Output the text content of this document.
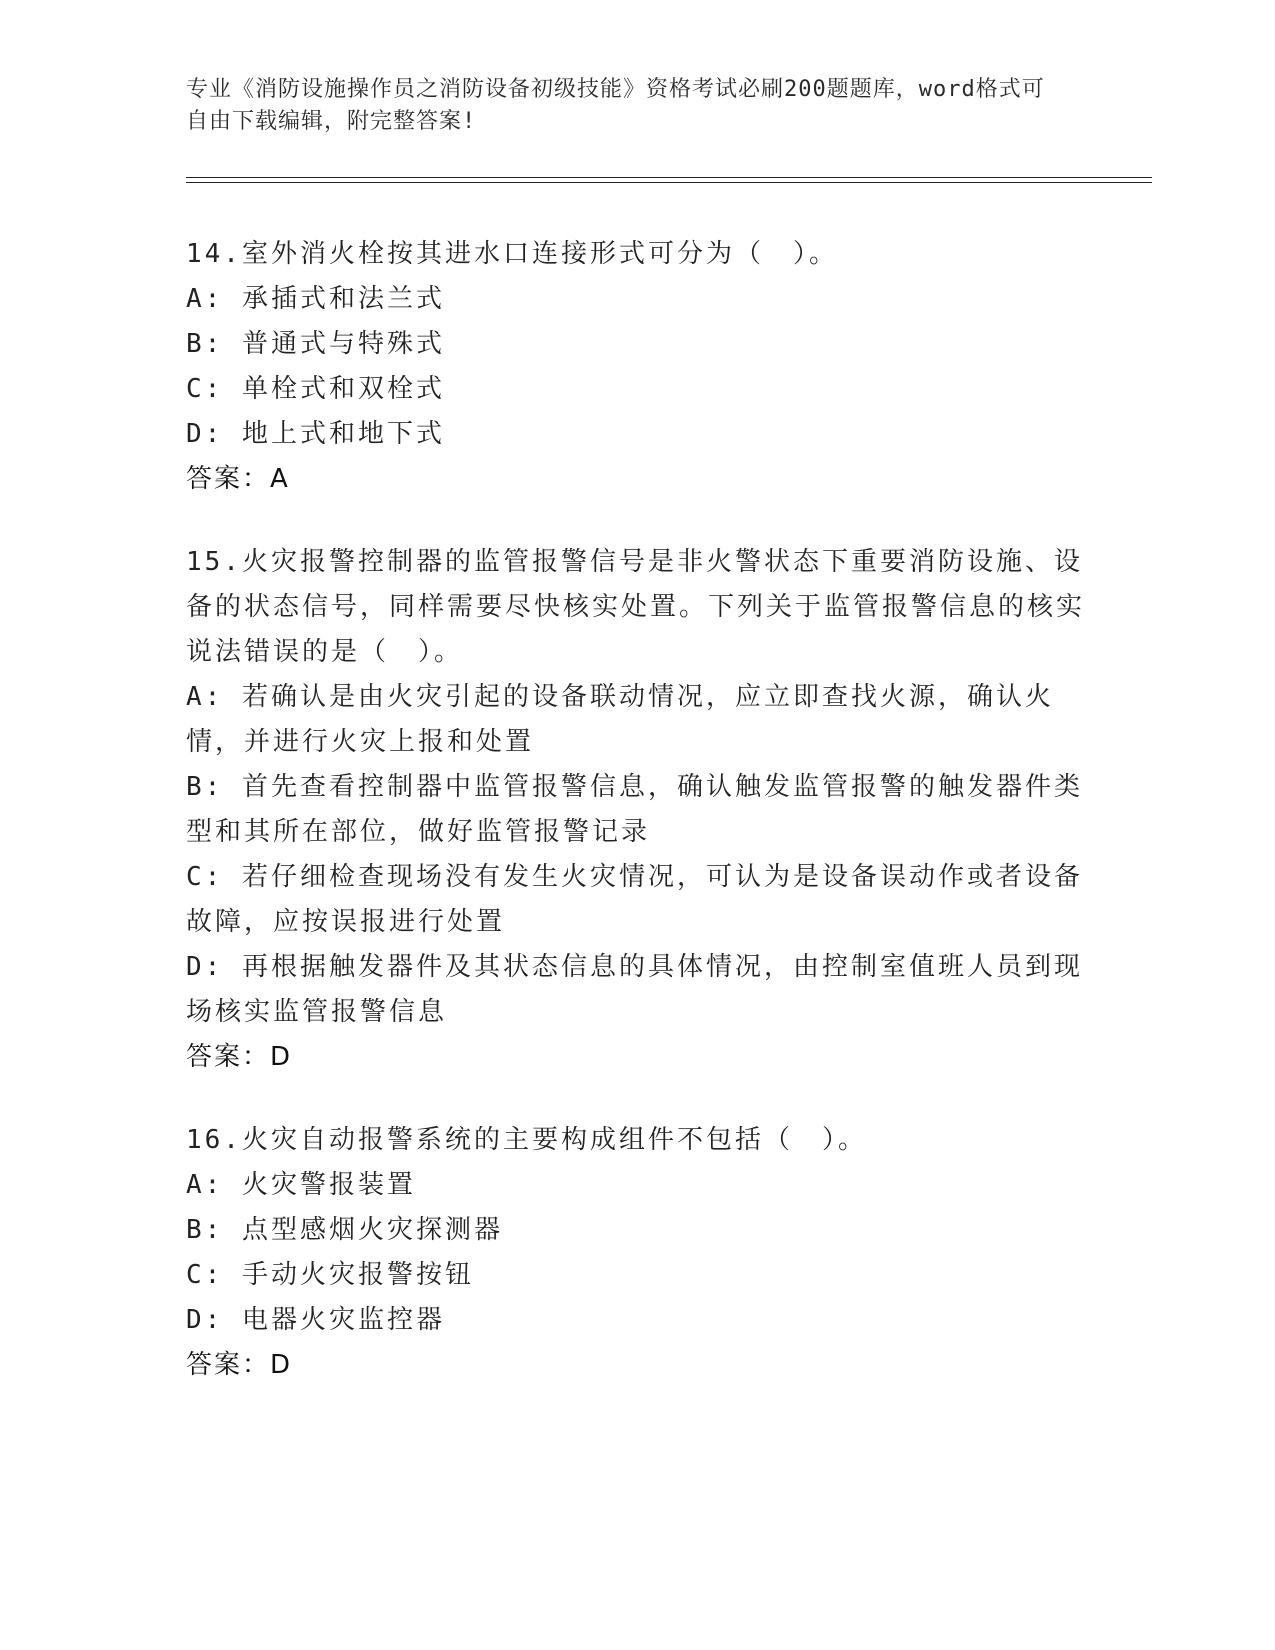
专业《消防设施操作员之消防设备初级技能》资格考试必刷200题题库，word格式可自由下载编辑，附完整答案!

14.室外消火栓按其进水口连接形式可分为（　）。

A: 承插式和法兰式

B: 普通式与特殊式

C: 单栓式和双栓式

D: 地上式和地下式

答案：A

15.火灾报警控制器的监管报警信号是非火警状态下重要消防设施、设备的状态信号，同样需要尽快核实处置。下列关于监管报警信息的核实说法错误的是（　）。

A: 若确认是由火灾引起的设备联动情况，应立即查找火源，确认火情，并进行火灾上报和处置

B: 首先查看控制器中监管报警信息，确认触发监管报警的触发器件类型和其所在部位，做好监管报警记录

C: 若仔细检查现场没有发生火灾情况，可认为是设备误动作或者设备故障，应按误报进行处置

D: 再根据触发器件及其状态信息的具体情况，由控制室值班人员到现场核实监管报警信息

答案：D

16.火灾自动报警系统的主要构成组件不包括（　）。

A: 火灾警报装置

B: 点型感烟火灾探测器

C: 手动火灾报警按钮

D: 电器火灾监控器

答案：D
